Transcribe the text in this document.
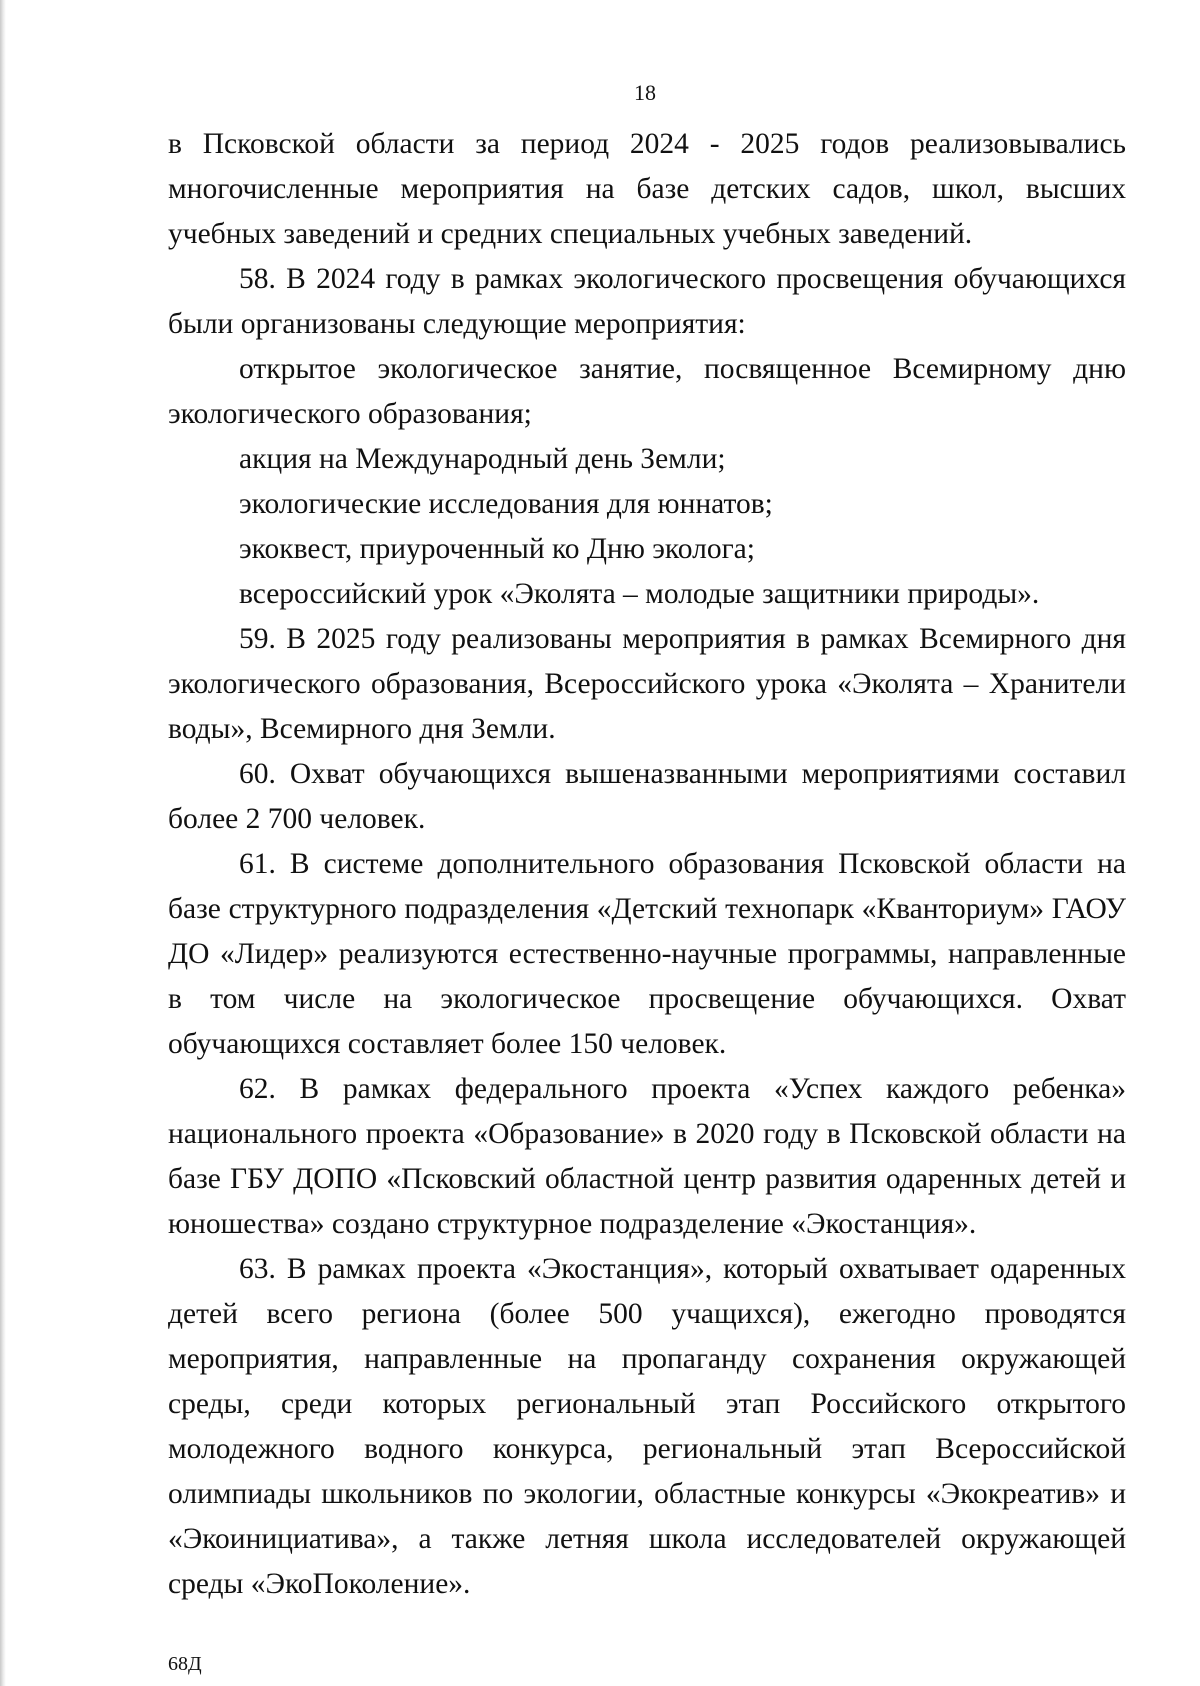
18

в Псковской области за период 2024 - 2025 годов реализовывались многочисленные мероприятия на базе детских садов, школ, высших учебных заведений и средних специальных учебных заведений.

58. В 2024 году в рамках экологического просвещения обучающихся были организованы следующие мероприятия:

открытое экологическое занятие, посвященное Всемирному дню экологического образования;

акция на Международный день Земли;

экологические исследования для юннатов;

экоквест, приуроченный ко Дню эколога;

всероссийский урок «Эколята – молодые защитники природы».

59. В 2025 году реализованы мероприятия в рамках Всемирного дня экологического образования, Всероссийского урока «Эколята – Хранители воды», Всемирного дня Земли.

60. Охват обучающихся вышеназванными мероприятиями составил более 2 700 человек.

61. В системе дополнительного образования Псковской области на базе структурного подразделения «Детский технопарк «Кванториум» ГАОУ ДО «Лидер» реализуются естественно-научные программы, направленные в том числе на экологическое просвещение обучающихся. Охват обучающихся составляет более 150 человек.

62. В рамках федерального проекта «Успех каждого ребенка» национального проекта «Образование» в 2020 году в Псковской области на базе ГБУ ДОПО «Псковский областной центр развития одаренных детей и юношества» создано структурное подразделение «Экостанция».

63. В рамках проекта «Экостанция», который охватывает одаренных детей всего региона (более 500 учащихся), ежегодно проводятся мероприятия, направленные на пропаганду сохранения окружающей среды, среди которых региональный этап Российского открытого молодежного водного конкурса, региональный этап Всероссийской олимпиады школьников по экологии, областные конкурсы «Экокреатив» и «Экоинициатива», а также летняя школа исследователей окружающей среды «ЭкоПоколение».

68Д
